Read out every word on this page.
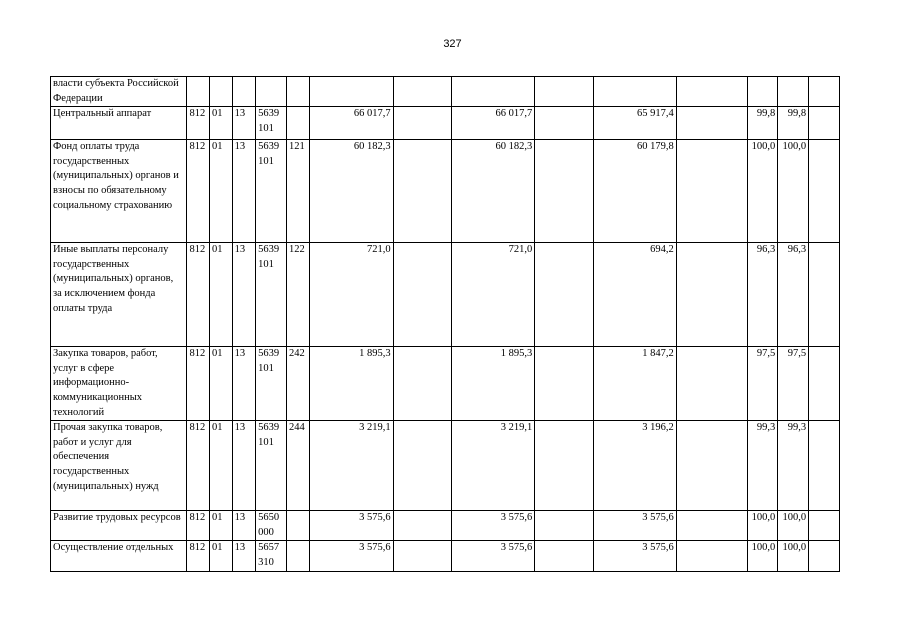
327
власти субъекта Российской Федерации														
Центральный аппарат	812	01	13	5639 101		66 017,7		66 017,7		65 917,4		99,8	99,8	
Фонд оплаты труда государственных (муниципальных) органов и взносы по обязательному социальному страхованию	812	01	13	5639 101	121	60 182,3		60 182,3		60 179,8		100,0	100,0	
Иные выплаты персоналу государственных (муниципальных) органов, за исключением фонда оплаты труда	812	01	13	5639 101	122	721,0		721,0		694,2		96,3	96,3	
Закупка товаров, работ, услуг в сфере информационно-коммуникационных технологий	812	01	13	5639 101	242	1 895,3		1 895,3		1 847,2		97,5	97,5	
Прочая закупка товаров, работ и услуг для обеспечения государственных (муниципальных) нужд	812	01	13	5639 101	244	3 219,1		3 219,1		3 196,2		99,3	99,3	
Развитие трудовых ресурсов	812	01	13	5650 000		3 575,6		3 575,6		3 575,6		100,0	100,0	
Осуществление отдельных	812	01	13	5657 310		3 575,6		3 575,6		3 575,6		100,0	100,0	
